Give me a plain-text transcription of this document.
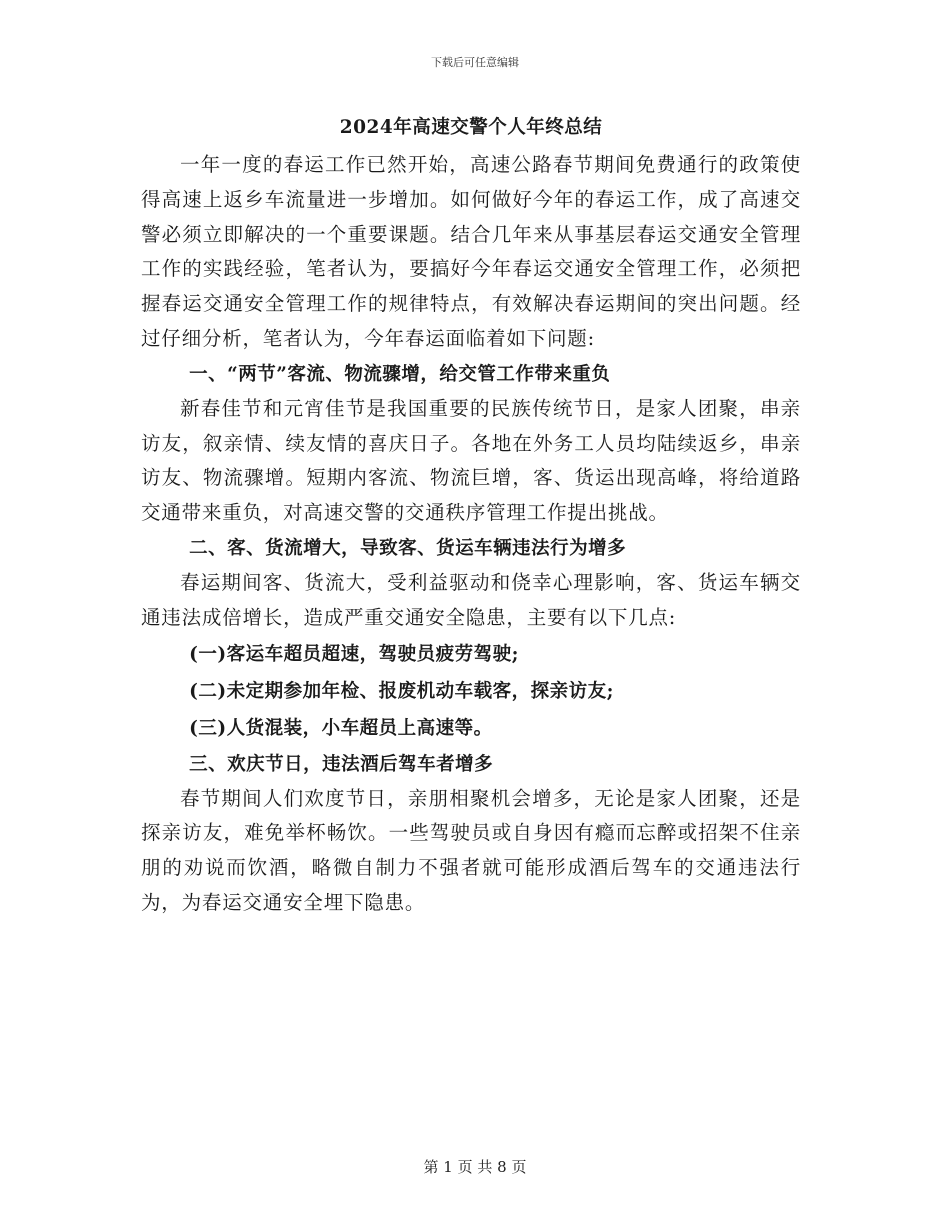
下载后可任意编辑
2024年高速交警个人年终总结

一年一度的春运工作已然开始，高速公路春节期间免费通行的政策使得高速上返乡车流量进一步增加。如何做好今年的春运工作，成了高速交警必须立即解决的一个重要课题。结合几年来从事基层春运交通安全管理工作的实践经验，笔者认为，要搞好今年春运交通安全管理工作，必须把握春运交通安全管理工作的规律特点，有效解决春运期间的突出问题。经过仔细分析，笔者认为，今年春运面临着如下问题:

一、“两节”客流、物流骤增，给交管工作带来重负

新春佳节和元宵佳节是我国重要的民族传统节日，是家人团聚，串亲访友，叙亲情、续友情的喜庆日子。各地在外务工人员均陆续返乡，串亲访友、物流骤增。短期内客流、物流巨增，客、货运出现高峰，将给道路交通带来重负，对高速交警的交通秩序管理工作提出挑战。

二、客、货流增大，导致客、货运车辆违法行为增多

春运期间客、货流大，受利益驱动和侥幸心理影响，客、货运车辆交通违法成倍增长，造成严重交通安全隐患，主要有以下几点:

(一)客运车超员超速，驾驶员疲劳驾驶;

(二)未定期参加年检、报废机动车载客，探亲访友;

(三)人货混装，小车超员上高速等。

三、欢庆节日，违法酒后驾车者增多

春节期间人们欢度节日，亲朋相聚机会增多，无论是家人团聚，还是探亲访友，难免举杯畅饮。一些驾驶员或自身因有瘾而忘醉或招架不住亲朋的劝说而饮酒，略微自制力不强者就可能形成酒后驾车的交通违法行为，为春运交通安全埋下隐患。

第 1 页 共 8 页
